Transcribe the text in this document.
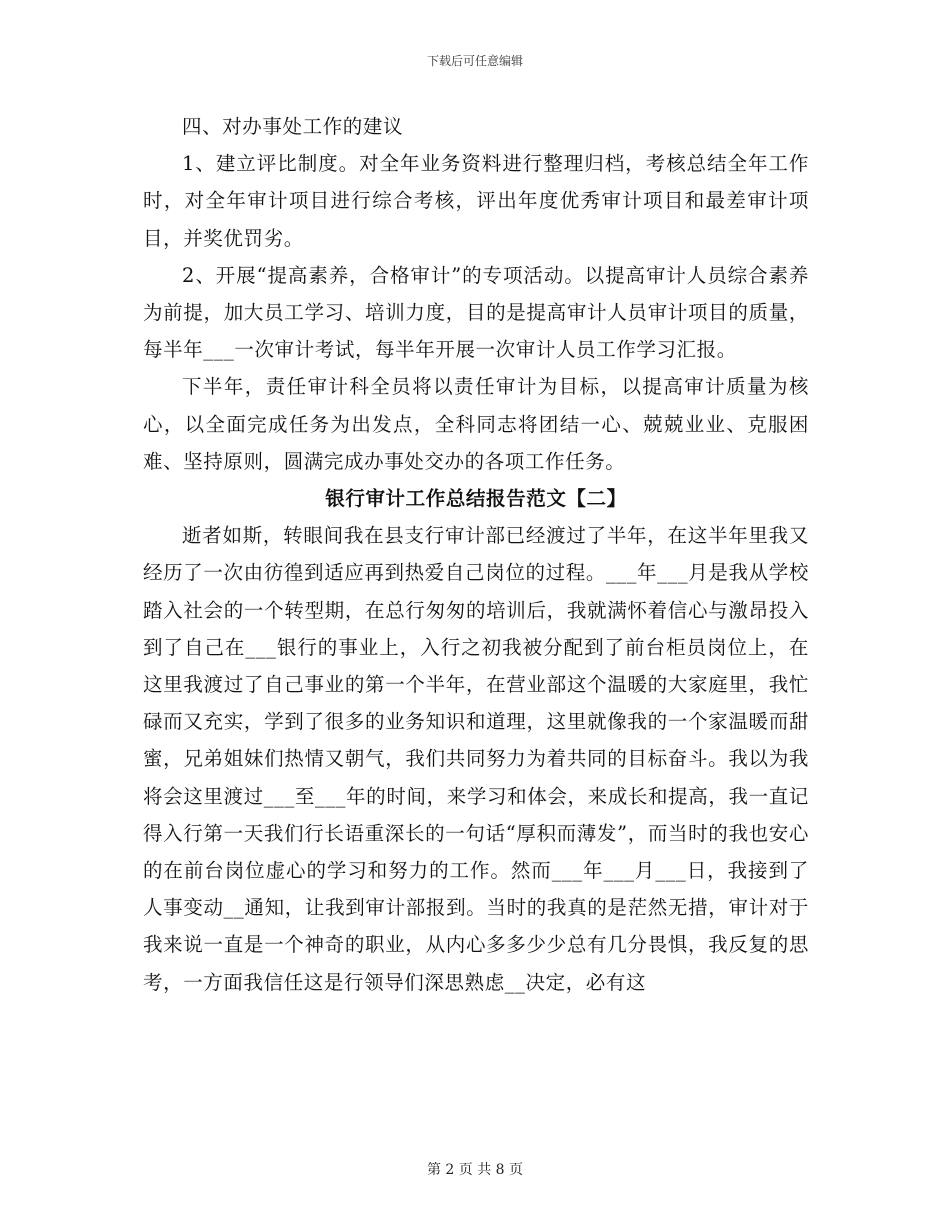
下载后可任意编辑

四、对办事处工作的建议

1、建立评比制度。对全年业务资料进行整理归档，考核总结全年工作时，对全年审计项目进行综合考核，评出年度优秀审计项目和最差审计项目，并奖优罚劣。

2、开展“提高素养，合格审计”的专项活动。以提高审计人员综合素养为前提，加大员工学习、培训力度，目的是提高审计人员审计项目的质量，每半年___一次审计考试，每半年开展一次审计人员工作学习汇报。

下半年，责任审计科全员将以责任审计为目标，以提高审计质量为核心，以全面完成任务为出发点，全科同志将团结一心、兢兢业业、克服困难、坚持原则，圆满完成办事处交办的各项工作任务。

银行审计工作总结报告范文【二】

逝者如斯，转眼间我在县支行审计部已经渡过了半年，在这半年里我又经历了一次由彷徨到适应再到热爱自己岗位的过程。___年___月是我从学校踏入社会的一个转型期，在总行匆匆的培训后，我就满怀着信心与激昂投入到了自己在___银行的事业上，入行之初我被分配到了前台柜员岗位上，在这里我渡过了自己事业的第一个半年，在营业部这个温暖的大家庭里，我忙碌而又充实，学到了很多的业务知识和道理，这里就像我的一个家温暖而甜蜜，兄弟姐妹们热情又朝气，我们共同努力为着共同的目标奋斗。我以为我将会这里渡过___至___年的时间，来学习和体会，来成长和提高，我一直记得入行第一天我们行长语重深长的一句话“厚积而薄发”，而当时的我也安心的在前台岗位虚心的学习和努力的工作。然而___年___月___日，我接到了人事变动__通知，让我到审计部报到。当时的我真的是茫然无措，审计对于我来说一直是一个神奇的职业，从内心多多少少总有几分畏惧，我反复的思考，一方面我信任这是行领导们深思熟虑__决定，必有这

第 2 页 共 8 页
